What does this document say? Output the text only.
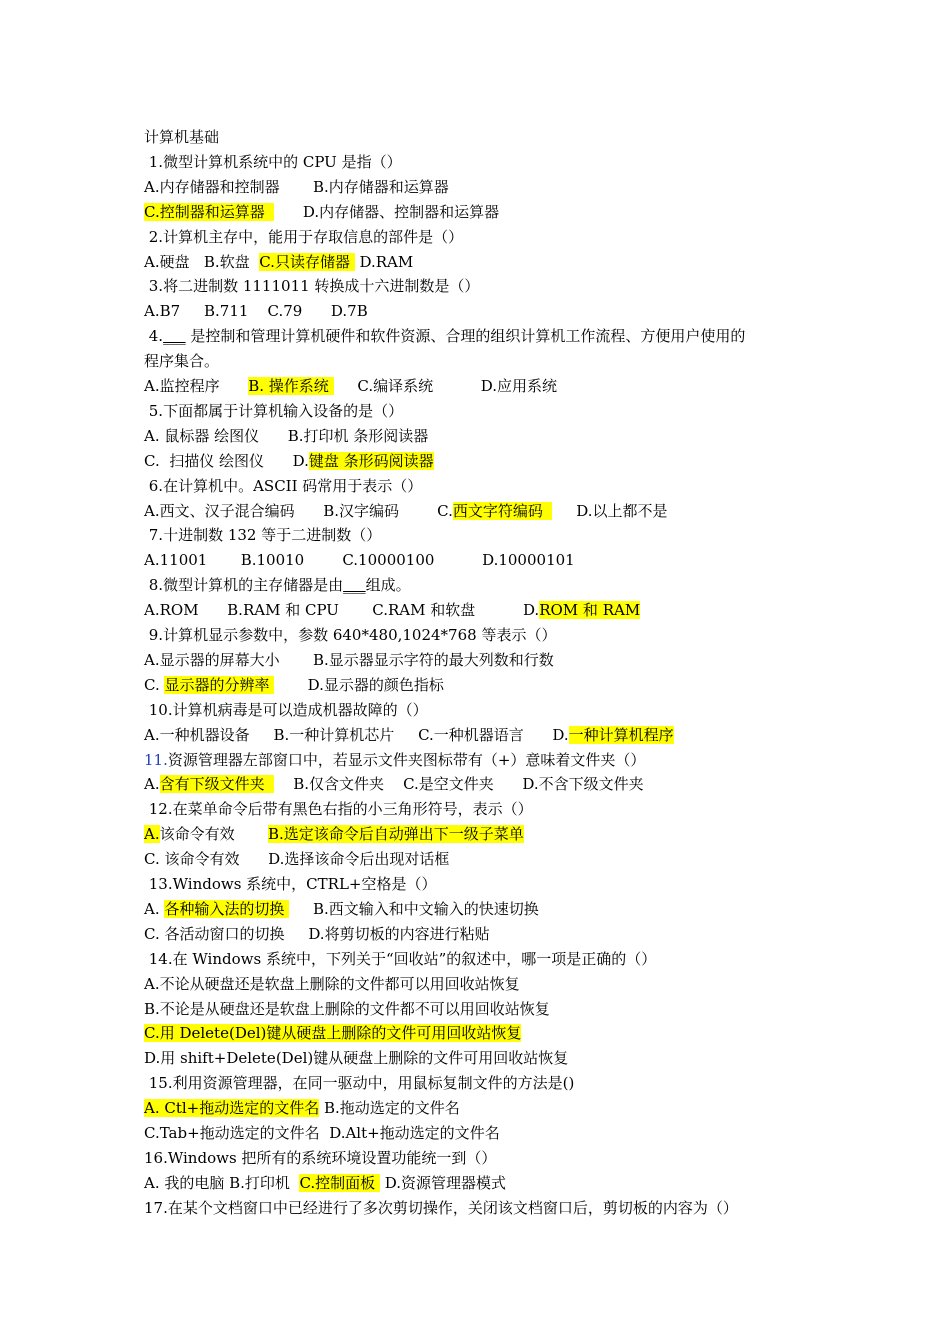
计算机基础
1.微型计算机系统中的 CPU 是指（）
A.内存储器和控制器       B.内存储器和运算器
C.控制器和运算器        D.内存储器、控制器和运算器
2.计算机主存中，能用于存取信息的部件是（）
A.硬盘   B.软盘  C.只读存储器  D.RAM
3.将二进制数 1111011 转换成十六进制数是（）
A.B7     B.711    C.79      D.7B
4.___ 是控制和管理计算机硬件和软件资源、合理的组织计算机工作流程、方便用户使用的
程序集合。
A.监控程序      B. 操作系统      C.编译系统          D.应用系统
5.下面都属于计算机输入设备的是（）
A. 鼠标器 绘图仪      B.打印机 条形阅读器
C.  扫描仪 绘图仪      D.键盘 条形码阅读器
6.在计算机中。ASCII 码常用于表示（）
A.西文、汉子混合编码      B.汉字编码        C.西文字符编码       D.以上都不是
7.十进制数 132 等于二进制数（）
A.11001       B.10010        C.10000100          D.10000101
8.微型计算机的主存储器是由___组成。
A.ROM      B.RAM 和 CPU       C.RAM 和软盘          D.ROM 和 RAM
9.计算机显示参数中，参数 640*480,1024*768 等表示（）
A.显示器的屏幕大小       B.显示器显示字符的最大列数和行数
C. 显示器的分辨率        D.显示器的颜色指标
10.计算机病毒是可以造成机器故障的（）
A.一种机器设备     B.一种计算机芯片     C.一种机器语言      D.一种计算机程序
11.资源管理器左部窗口中，若显示文件夹图标带有（+）意味着文件夹（）
A.含有下级文件夹      B.仅含文件夹    C.是空文件夹      D.不含下级文件夹
12.在菜单命令后带有黑色右指的小三角形符号，表示（）
A.该命令有效       B.选定该命令后自动弹出下一级子菜单
C. 该命令有效      D.选择该命令后出现对话框
13.Windows 系统中，CTRL+空格是（）
A. 各种输入法的切换      B.西文输入和中文输入的快速切换
C. 各活动窗口的切换     D.将剪切板的内容进行粘贴
14.在 Windows 系统中，下列关于“回收站”的叙述中，哪一项是正确的（）
A.不论从硬盘还是软盘上删除的文件都可以用回收站恢复
B.不论是从硬盘还是软盘上删除的文件都不可以用回收站恢复
C.用 Delete(Del)键从硬盘上删除的文件可用回收站恢复
D.用 shift+Delete(Del)键从硬盘上删除的文件可用回收站恢复
15.利用资源管理器，在同一驱动中，用鼠标复制文件的方法是()
A. Ctl+拖动选定的文件名 B.拖动选定的文件名
C.Tab+拖动选定的文件名  D.Alt+拖动选定的文件名
16.Windows 把所有的系统环境设置功能统一到（）
A. 我的电脑 B.打印机  C.控制面板  D.资源管理器模式
17.在某个文档窗口中已经进行了多次剪切操作，关闭该文档窗口后，剪切板的内容为（）
